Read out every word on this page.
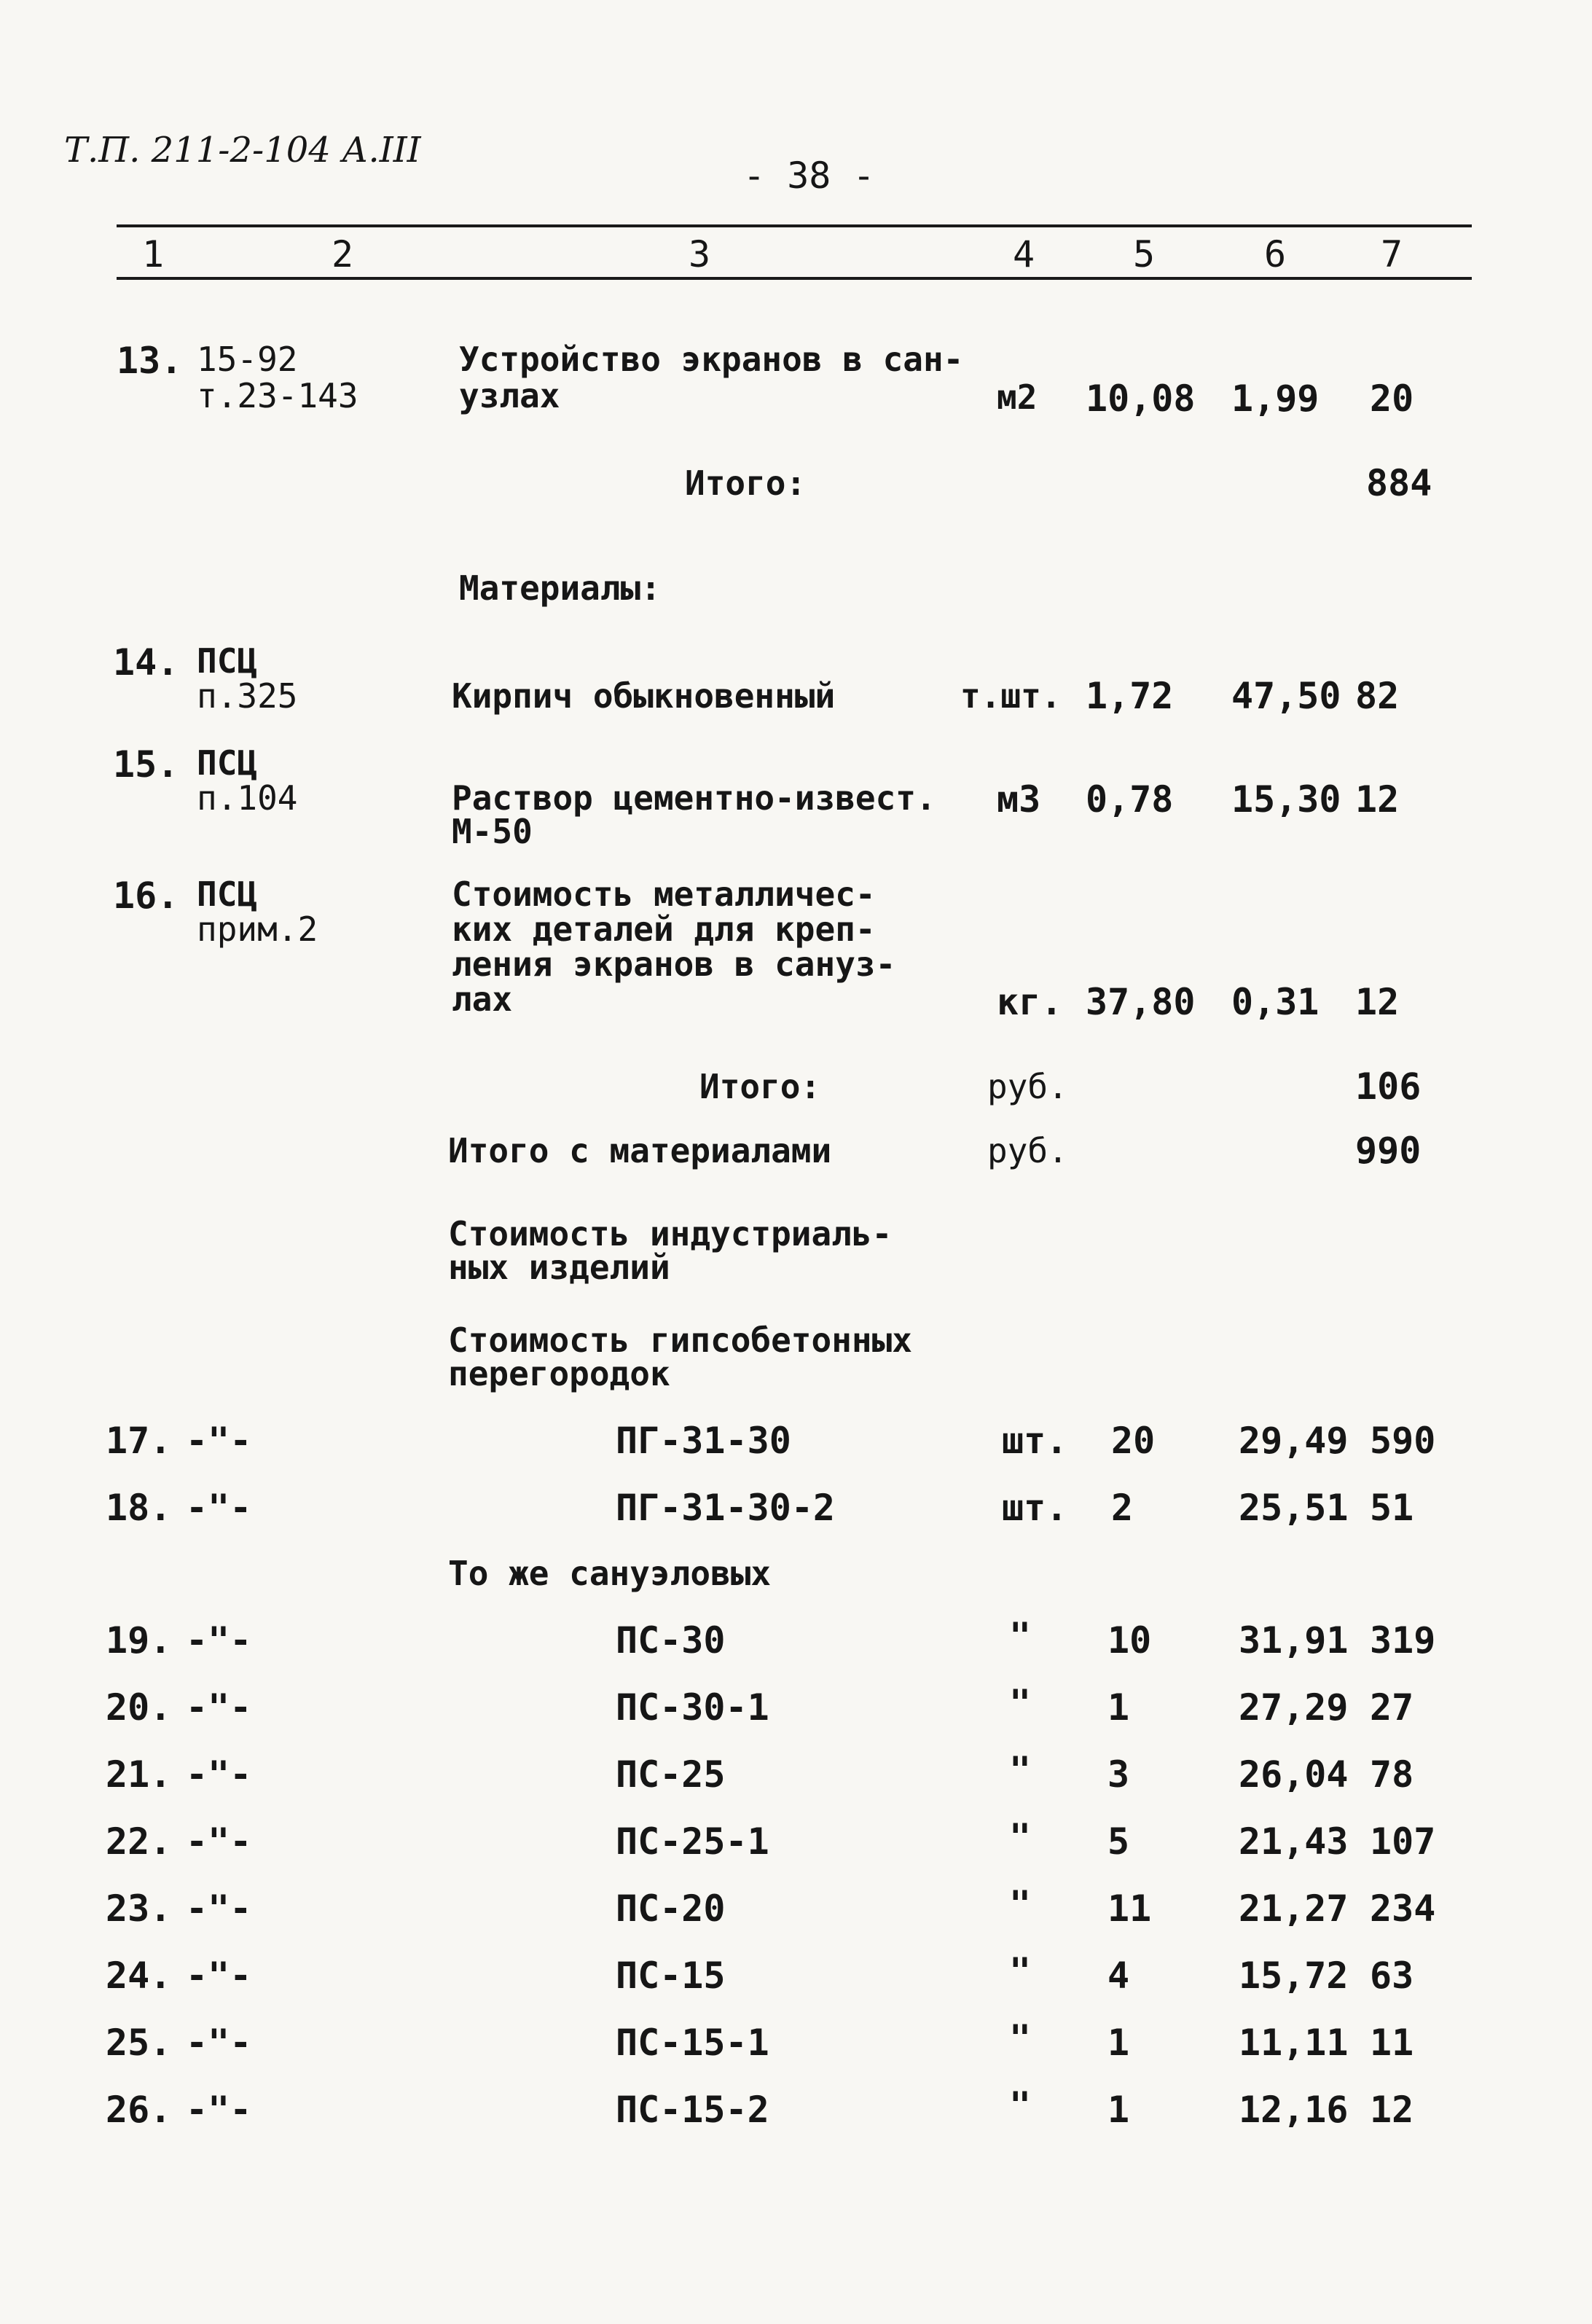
Т.П. 211-2-104 А.III
- 38 -
1	2	3	4	5	6	7
13. 15-92
т.23-143
Устройство экранов в сан-
узлах	м2 10,08 1,99 20
Итого:	884
Материалы:
14. ПСЦ
п.325	Кирпич обыкновенный	т.шт. 1,72 47,50 82
15. ПСЦ
п.104	Раствор цементно-извест.
М-50
м3 0,78 15,30 12
16. ПСЦ
прим.2
Стоимость металличес-
ких деталей для креп-
ления экранов в сануз-
лах	кг. 37,80 0,31 12
Итого:	руб.	106
Итого с материалами	руб.	990
Стоимость индустриаль-
ных изделий
Стоимость гипсобетонных
перегородок
17. -"-	ПГ-31-30	шт. 20 29,49 590
18. -"-	ПГ-31-30-2	шт. 2	25,51 51
То же сануэловых
19. -"-	ПС-30	" 10 31,91 319
20. -"-	ПС-30-1	" 1	27,29 27
21. -"-	ПС-25	" 3	26,04 78
22. -"-	ПС-25-1	" 5	21,43 107
23. -"-	ПС-20	" 11 21,27 234
24. -"-	ПС-15	" 4	15,72 63
25. -"-	ПС-15-1	" 1	11,11 11
26. -"-	ПС-15-2	" 1	12,16 12
